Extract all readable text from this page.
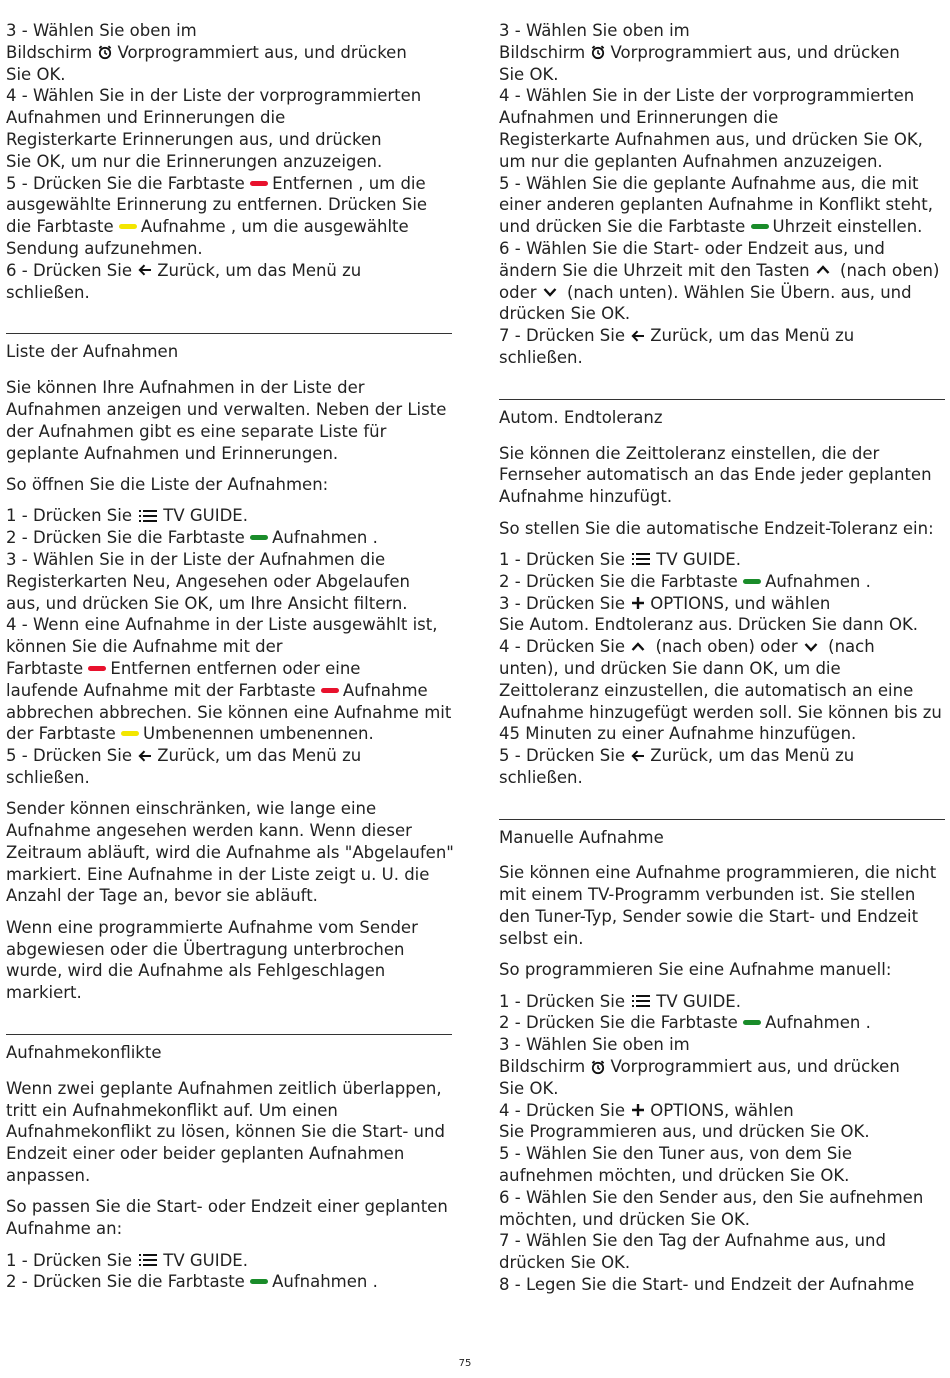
3 - Wählen Sie oben im
Bildschirm Vorprogrammiert aus, und drücken
Sie OK.
4 - Wählen Sie in der Liste der vorprogrammierten
Aufnahmen und Erinnerungen die
Registerkarte Erinnerungen aus, und drücken
Sie OK, um nur die Erinnerungen anzuzeigen.
5 - Drücken Sie die Farbtaste Entfernen , um die
ausgewählte Erinnerung zu entfernen. Drücken Sie
die Farbtaste Aufnahme , um die ausgewählte
Sendung aufzunehmen.
6 - Drücken Sie Zurück, um das Menü zu
schließen.
Liste der Aufnahmen
Sie können Ihre Aufnahmen in der Liste der
Aufnahmen anzeigen und verwalten. Neben der Liste
der Aufnahmen gibt es eine separate Liste für
geplante Aufnahmen und Erinnerungen.
So öffnen Sie die Liste der Aufnahmen:
1 - Drücken Sie TV GUIDE.
2 - Drücken Sie die Farbtaste Aufnahmen .
3 - Wählen Sie in der Liste der Aufnahmen die
Registerkarten Neu, Angesehen oder Abgelaufen
aus, und drücken Sie OK, um Ihre Ansicht filtern.
4 - Wenn eine Aufnahme in der Liste ausgewählt ist,
können Sie die Aufnahme mit der
Farbtaste Entfernen entfernen oder eine
laufende Aufnahme mit der Farbtaste Aufnahme
abbrechen abbrechen. Sie können eine Aufnahme mit
der Farbtaste Umbenennen umbenennen.
5 - Drücken Sie Zurück, um das Menü zu
schließen.
Sender können einschränken, wie lange eine
Aufnahme angesehen werden kann. Wenn dieser
Zeitraum abläuft, wird die Aufnahme als "Abgelaufen"
markiert. Eine Aufnahme in der Liste zeigt u. U. die
Anzahl der Tage an, bevor sie abläuft.
Wenn eine programmierte Aufnahme vom Sender
abgewiesen oder die Übertragung unterbrochen
wurde, wird die Aufnahme als Fehlgeschlagen
markiert.
Aufnahmekonflikte
Wenn zwei geplante Aufnahmen zeitlich überlappen,
tritt ein Aufnahmekonflikt auf. Um einen
Aufnahmekonflikt zu lösen, können Sie die Start- und
Endzeit einer oder beider geplanten Aufnahmen
anpassen.
So passen Sie die Start- oder Endzeit einer geplanten
Aufnahme an:
1 - Drücken Sie TV GUIDE.
2 - Drücken Sie die Farbtaste Aufnahmen .
3 - Wählen Sie oben im
Bildschirm Vorprogrammiert aus, und drücken
Sie OK.
4 - Wählen Sie in der Liste der vorprogrammierten
Aufnahmen und Erinnerungen die
Registerkarte Aufnahmen aus, und drücken Sie OK,
um nur die geplanten Aufnahmen anzuzeigen.
5 - Wählen Sie die geplante Aufnahme aus, die mit
einer anderen geplanten Aufnahme in Konflikt steht,
und drücken Sie die Farbtaste Uhrzeit einstellen.
6 - Wählen Sie die Start- oder Endzeit aus, und
ändern Sie die Uhrzeit mit den Tasten  (nach oben)
oder  (nach unten). Wählen Sie Übern. aus, und
drücken Sie OK.
7 - Drücken Sie Zurück, um das Menü zu
schließen.
Autom. Endtoleranz
Sie können die Zeittoleranz einstellen, die der
Fernseher automatisch an das Ende jeder geplanten
Aufnahme hinzufügt.
So stellen Sie die automatische Endzeit-Toleranz ein:
1 - Drücken Sie TV GUIDE.
2 - Drücken Sie die Farbtaste Aufnahmen .
3 - Drücken Sie OPTIONS, und wählen
Sie Autom. Endtoleranz aus. Drücken Sie dann OK.
4 - Drücken Sie  (nach oben) oder  (nach
unten), und drücken Sie dann OK, um die
Zeittoleranz einzustellen, die automatisch an eine
Aufnahme hinzugefügt werden soll. Sie können bis zu
45 Minuten zu einer Aufnahme hinzufügen.
5 - Drücken Sie Zurück, um das Menü zu
schließen.
Manuelle Aufnahme
Sie können eine Aufnahme programmieren, die nicht
mit einem TV-Programm verbunden ist. Sie stellen
den Tuner-Typ, Sender sowie die Start- und Endzeit
selbst ein.
So programmieren Sie eine Aufnahme manuell:
1 - Drücken Sie TV GUIDE.
2 - Drücken Sie die Farbtaste Aufnahmen .
3 - Wählen Sie oben im
Bildschirm Vorprogrammiert aus, und drücken
Sie OK.
4 - Drücken Sie OPTIONS, wählen
Sie Programmieren aus, und drücken Sie OK.
5 - Wählen Sie den Tuner aus, von dem Sie
aufnehmen möchten, und drücken Sie OK.
6 - Wählen Sie den Sender aus, den Sie aufnehmen
möchten, und drücken Sie OK.
7 - Wählen Sie den Tag der Aufnahme aus, und
drücken Sie OK.
8 - Legen Sie die Start- und Endzeit der Aufnahme
75
